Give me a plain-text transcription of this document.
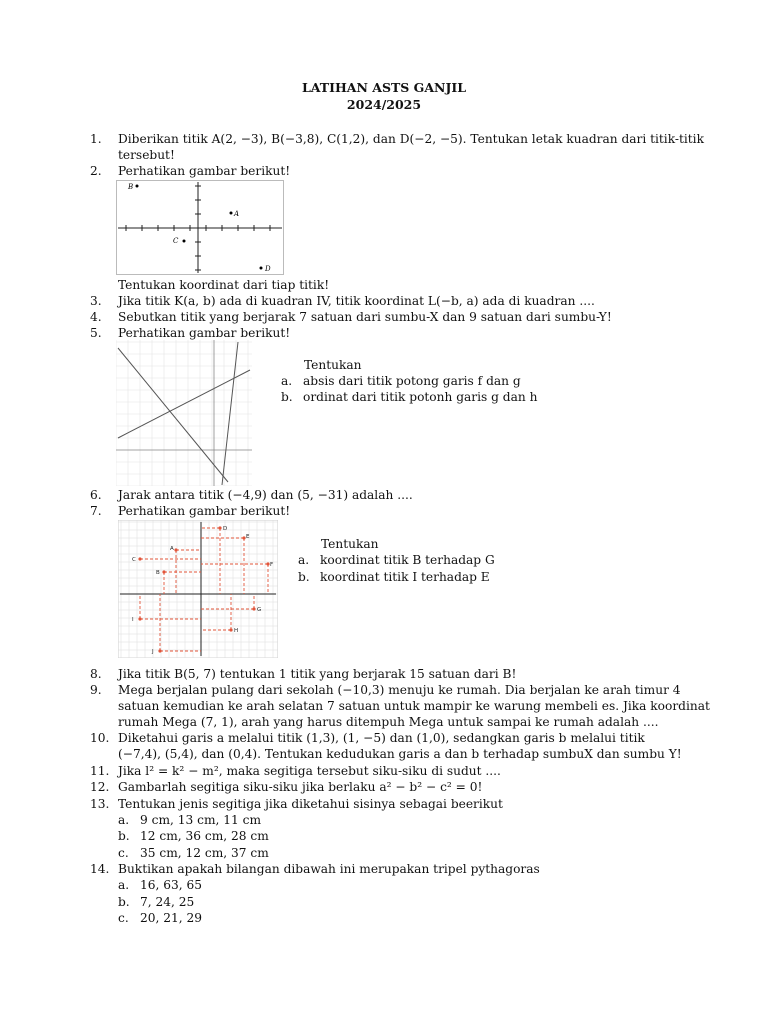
LATIHAN ASTS GANJIL
2024/2025
1. Diberikan titik A(2, −3), B(−3,8), C(1,2), dan D(−2, −5). Tentukan letak kuadran dari titik-titik
tersebut!
2. Perhatikan gambar berikut!
B
A
C
D
Tentukan koordinat dari tiap titik!
3. Jika titik K(a, b) ada di kuadran IV, titik koordinat L(−b, a) ada di kuadran ....
4. Sebutkan titik yang berjarak 7 satuan dari sumbu-X dan 9 satuan dari sumbu-Y!
5. Perhatikan gambar berikut!
Tentukan
a. absis dari titik potong garis f dan g
b. ordinat dari titik potonh garis g dan h
6. Jarak antara titik (−4,9) dan (5, −31) adalah ....
7. Perhatikan gambar berikut!
A
B
C
D
E
F
G
H
I
J
Tentukan
a. koordinat titik B terhadap G
b. koordinat titik I terhadap E
8. Jika titik B(5, 7) tentukan 1 titik yang berjarak 15 satuan dari B!
9. Mega berjalan pulang dari sekolah (−10,3) menuju ke rumah. Dia berjalan ke arah timur 4
satuan kemudian ke arah selatan 7 satuan untuk mampir ke warung membeli es. Jika koordinat
rumah Mega (7, 1), arah yang harus ditempuh Mega untuk sampai ke rumah adalah ....
10. Diketahui garis a melalui titik (1,3), (1, −5) dan (1,0), sedangkan garis b melalui titik
(−7,4), (5,4), dan (0,4). Tentukan kedudukan garis a dan b terhadap sumbuX dan sumbu Y!
11. Jika l² = k² − m², maka segitiga tersebut siku-siku di sudut ....
12. Gambarlah segitiga siku-siku jika berlaku a² − b² − c² = 0!
13. Tentukan jenis segitiga jika diketahui sisinya sebagai beerikut
a. 9 cm, 13 cm, 11 cm
b. 12 cm, 36 cm, 28 cm
c. 35 cm, 12 cm, 37 cm
14. Buktikan apakah bilangan dibawah ini merupakan tripel pythagoras
a. 16, 63, 65
b. 7, 24, 25
c. 20, 21, 29
